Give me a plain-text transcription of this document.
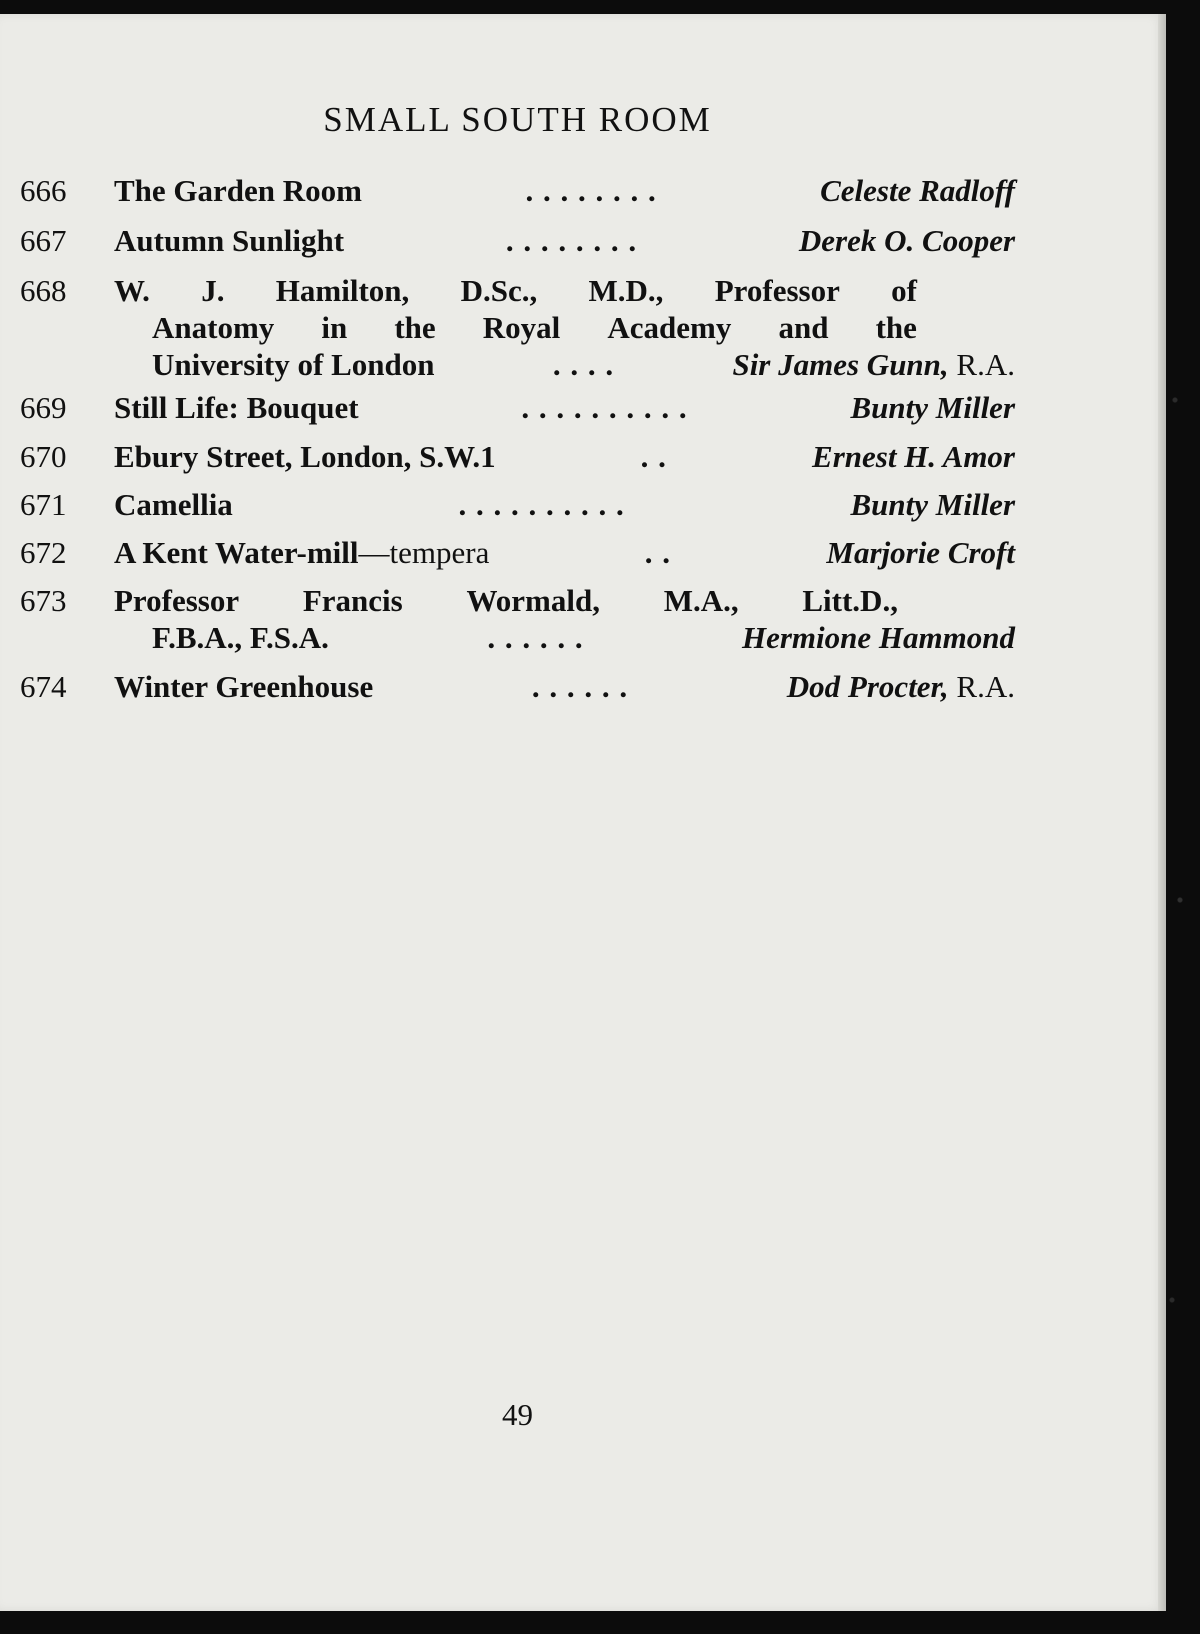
SMALL SOUTH ROOM
666	The Garden Room	. . . . . . . .	Celeste Radloff
667	Autumn Sunlight	. . . . . . . .	Derek O. Cooper
668	W. J. Hamilton, D.Sc., M.D., Professor of
Anatomy in the Royal Academy and the
University of London	. . . .	Sir James Gunn, R.A.
669	Still Life: Bouquet	. . . . . . . . . .	Bunty Miller
670	Ebury Street, London, S.W.1	. .	Ernest H. Amor
671	Camellia	. . . . . . . . . .	Bunty Miller
672	A Kent Water-mill —tempera	. .	Marjorie Croft
673	Professor Francis Wormald, M.A., Litt.D.,
F.B.A., F.S.A.	. . . . . .	Hermione Hammond
674	Winter Greenhouse	. . . . . .	Dod Procter, R.A.
49
